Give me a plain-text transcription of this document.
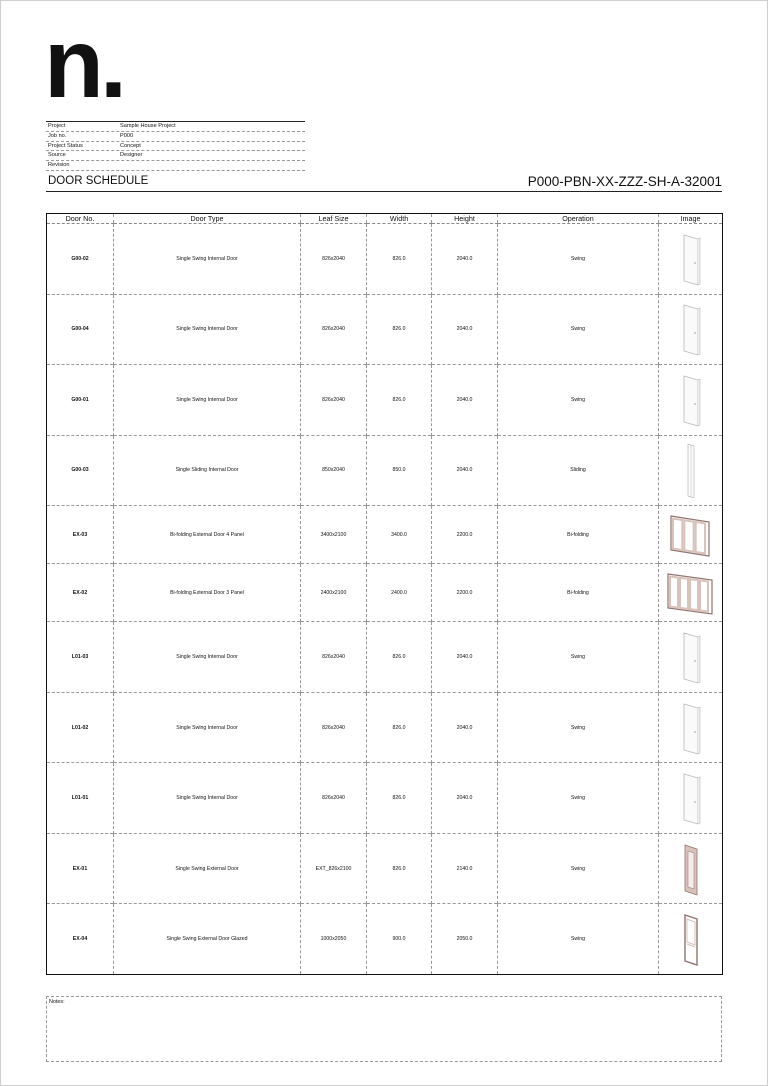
n.
Project	Sample House Project
Job no.	P000
Project Status	Concept
Source	Designer
Revision
DOOR SCHEDULE	P000-PBN-XX-ZZZ-SH-A-32001
Door No.	Door Type	Leaf Size	Width	Height	Operation	Image
G00-02	Single Swing Internal Door	826x2040	826.0	2040.0	Swing	

G00-04	Single Swing Internal Door	826x2040	826.0	2040.0	Swing	

G00-01	Single Swing Internal Door	826x2040	826.0	2040.0	Swing	

G00-03	Single Sliding Internal Door	850x2040	850.0	2040.0	Sliding	

EX-03	Bi-folding External Door 4 Panel	3400x2100	3400.0	2200.0	Bi-folding	

EX-02	Bi-folding External Door 3 Panel	2400x2100	2400.0	2200.0	Bi-folding	

L01-03	Single Swing Internal Door	826x2040	826.0	2040.0	Swing	

L01-02	Single Swing Internal Door	826x2040	826.0	2040.0	Swing	

L01-01	Single Swing Internal Door	826x2040	826.0	2040.0	Swing	

EX-01	Single Swing External Door	EXT_826x2100	826.0	2140.0	Swing	

EX-04	Single Swing External Door Glazed	1000x2050	900.0	2050.0	Swing	
Notes:
